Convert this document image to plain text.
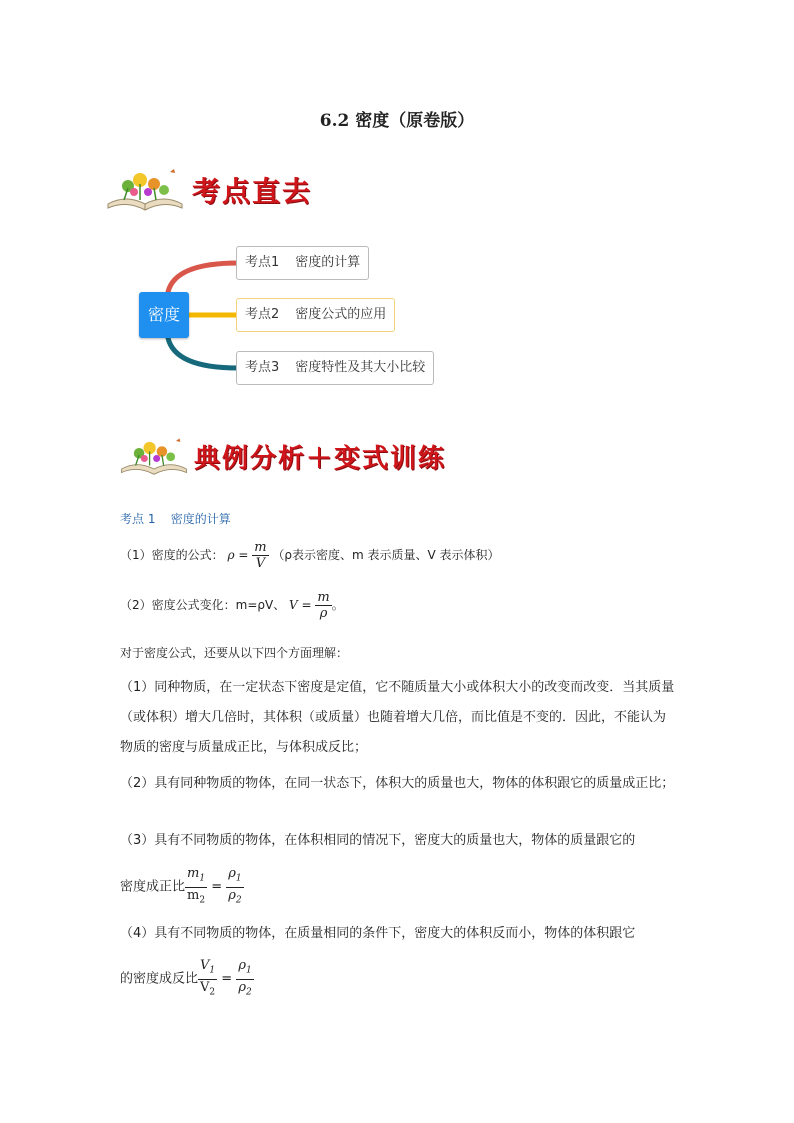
6.2 密度（原卷版）
考点直去
密度
考点1 密度的计算
考点2 密度公式的应用
考点3 密度特性及其大小比较
典例分析＋变式训练
考点 1    密度的计算
（1）密度的公式： $\rho = \frac{m}{V} (\rho$表示密度、m 表示质量、V 表示体积）
（2）密度公式变化：m=ρV、 $V = \frac{m}{\rho}$ 。
对于密度公式，还要从以下四个方面理解：
（1）同种物质，在一定状态下密度是定值，它不随质量大小或体积大小的改变而改变．当其质量（或体积）增大几倍时，其体积（或质量）也随着增大几倍，而比值是不变的．因此，不能认为物质的密度与质量成正比，与体积成反比；
（2）具有同种物质的物体，在同一状态下，体积大的质量也大，物体的体积跟它的质量成正比；
（3）具有不同物质的物体，在体积相同的情况下，密度大的质量也大，物体的质量跟它的
密度成正比 $\frac{m_1}{m_2} = \frac{\rho_1}{\rho_2}$
（4）具有不同物质的物体，在质量相同的条件下，密度大的体积反而小，物体的体积跟它
的密度成反比 $\frac{V_1}{V_2} = \frac{\rho_1}{\rho_2}$
